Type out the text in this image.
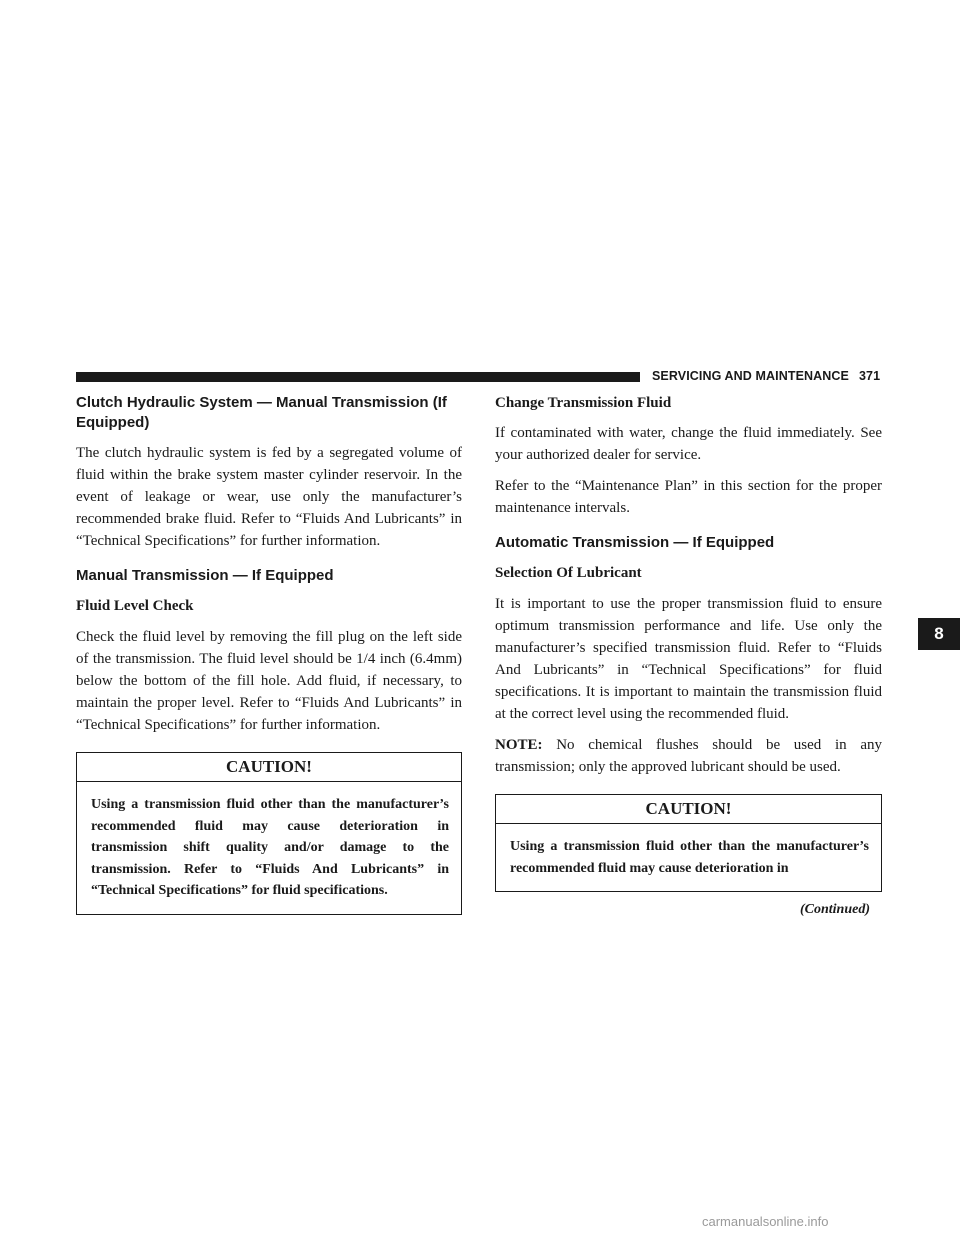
SERVICING AND MAINTENANCE 371
Clutch Hydraulic System — Manual Transmission (If Equipped)

The clutch hydraulic system is fed by a segregated volume of fluid within the brake system master cylinder reservoir. In the event of leakage or wear, use only the manufacturer’s recommended brake fluid. Refer to “Fluids And Lubricants” in “Technical Specifications” for further information.

Manual Transmission — If Equipped
Fluid Level Check

Check the fluid level by removing the fill plug on the left side of the transmission. The fluid level should be 1/4 inch (6.4mm) below the bottom of the fill hole. Add fluid, if necessary, to maintain the proper level. Refer to “Fluids And Lubricants” in “Technical Specifications” for further information.

CAUTION!
Using a transmission fluid other than the manufacturer’s recommended fluid may cause deterioration in transmission shift quality and/or damage to the transmission. Refer to “Fluids And Lubricants” in “Technical Specifications” for fluid specifications.
Change Transmission Fluid

If contaminated with water, change the fluid immediately. See your authorized dealer for service.

Refer to the “Maintenance Plan” in this section for the proper maintenance intervals.

Automatic Transmission — If Equipped
Selection Of Lubricant

It is important to use the proper transmission fluid to ensure optimum transmission performance and life. Use only the manufacturer’s specified transmission fluid. Refer to “Fluids And Lubricants” in “Technical Specifications” for fluid specifications. It is important to maintain the transmission fluid at the correct level using the recommended fluid.

NOTE: No chemical flushes should be used in any transmission; only the approved lubricant should be used.

CAUTION!
Using a transmission fluid other than the manufacturer’s recommended fluid may cause deterioration in
(Continued)
8
carmanualsonline.info
